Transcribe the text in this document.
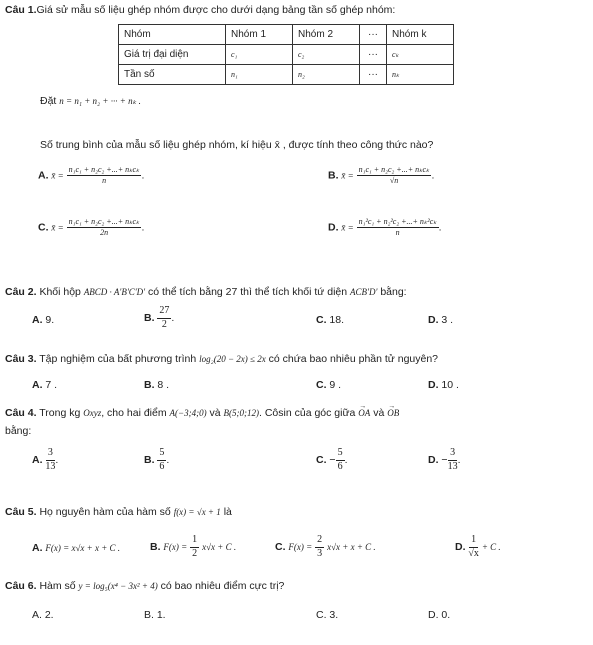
Câu 1.Giá sử mẫu số liệu ghép nhóm được cho dưới dạng bảng tần số ghép nhóm:
Nhóm	Nhóm 1	Nhóm 2	···	Nhóm k
Giá trị đại diện	c₁	c₂	···	cₖ
Tần số	n₁	n₂	···	nₖ
Đặt n = n₁ + n₂ + ··· + nₖ .
Số trung bình của mẫu số liệu ghép nhóm, kí hiệu x̄ , được tính theo công thức nào?
A. x̄ = $\frac{\text{n₁c₁ + n₂c₂ +...+ nₖcₖ}}{n}$ .	B. x̄ = $\frac{\text{n₁c₁ + n₂c₂ +...+ nₖcₖ}}{√n}$ .
C. x̄ = $\frac{\text{n₁c₁ + n₂c₂ +...+ nₖcₖ}}{2n}$ .	D. x̄ = $\frac{\text{n₁²c₁ + n₂²c₂ +...+ nₖ²cₖ}}{n}$ .
Câu 2. Khối hộp ABCD · A'B'C'D' có thể tích bằng 27 thì thể tích khối tứ diện ACB'D' bằng:
A. 9.	B. $\frac{27}{2}$ .	C. 18.	D. 3 .
Câu 3. Tập nghiệm của bất phương trình log₂(20 − 2x) ≤ 2x có chứa bao nhiêu phần tử nguyên?
A. 7 .	B. 8 .	C. 9 .	D. 10 .
Câu 4. Trong kg Oxyz, cho hai điểm A(−3;4;0) và B(5;0;12). Côsin của góc giữa
→
OA và
→
OB
bằng:
A. $\frac{3}{13}$ .	B. $\frac{5}{6}$ .	C. − $\frac{5}{6}$ .	D. − $\frac{3}{13}$ .
Câu 5. Họ nguyên hàm của hàm số f(x) = √x + 1 là
A. F(x) = x√x + x + C .	B. $F(x) = \frac{1}{2} x√x + C$ .	C. $F(x) = \frac{2}{3} x√x + x + C$ .	D. $\frac{1}{√x} + C$ .
Câu 6. Hàm số y = log₅(x⁴ − 3x² + 4) có bao nhiêu điểm cực trị?
A. 2.	B. 1.	C. 3.	D. 0.
